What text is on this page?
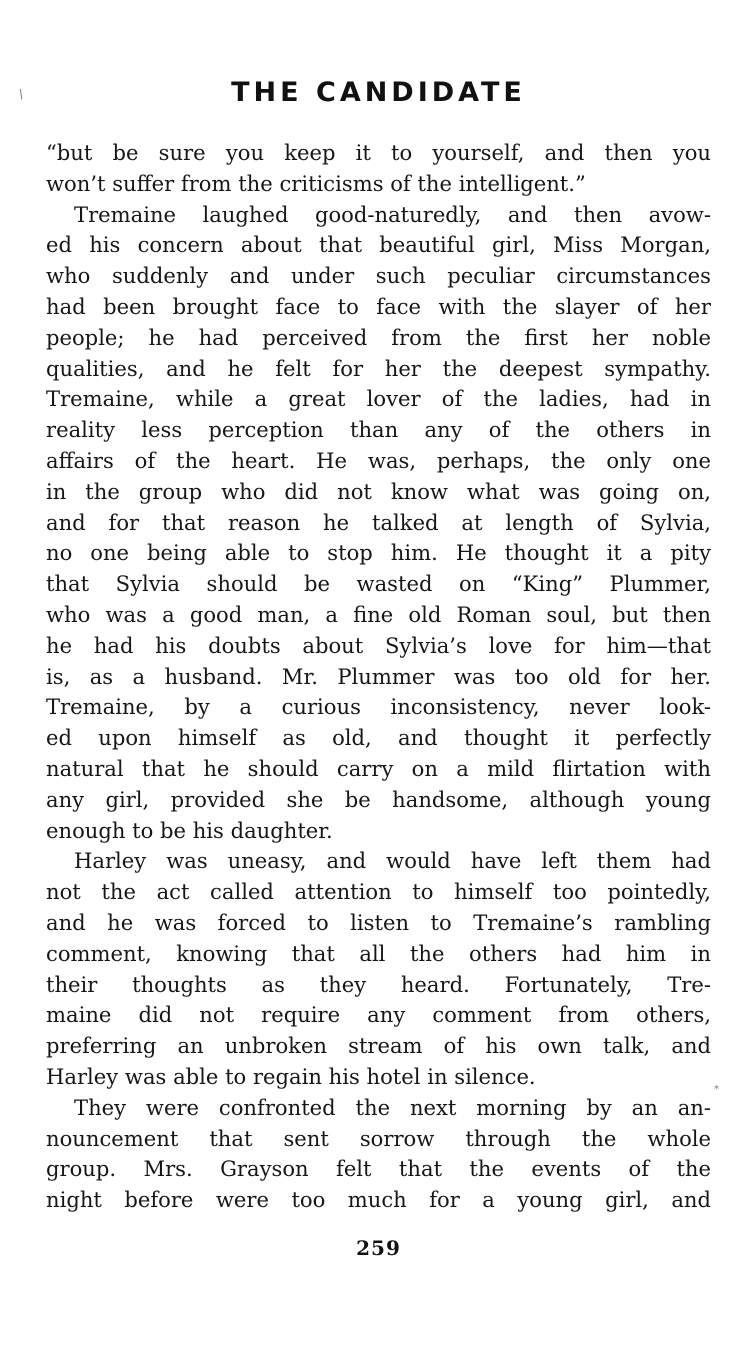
/	THE CANDIDATE
“but be sure you keep it to yourself, and then you
won’t suffer from the criticisms of the intelligent.”
Tremaine laughed good-naturedly, and then avow-
ed his concern about that beautiful girl, Miss Morgan,
who suddenly and under such peculiar circumstances
had been brought face to face with the slayer of her
people; he had perceived from the first her noble
qualities, and he felt for her the deepest sympathy.
Tremaine, while a great lover of the ladies, had in
reality less perception than any of the others in
affairs of the heart. He was, perhaps, the only one
in the group who did not know what was going on,
and for that reason he talked at length of Sylvia,
no one being able to stop him. He thought it a pity
that Sylvia should be wasted on “King” Plummer,
who was a good man, a fine old Roman soul, but then
he had his doubts about Sylvia’s love for him—that
is, as a husband. Mr. Plummer was too old for her.
Tremaine, by a curious inconsistency, never look-
ed upon himself as old, and thought it perfectly
natural that he should carry on a mild flirtation with
any girl, provided she be handsome, although young
enough to be his daughter.
Harley was uneasy, and would have left them had
not the act called attention to himself too pointedly,
and he was forced to listen to Tremaine’s rambling
comment, knowing that all the others had him in
their thoughts as they heard. Fortunately, Tre-
maine did not require any comment from others,
preferring an unbroken stream of his own talk, and
Harley was able to regain his hotel in silence.
They were confronted the next morning by an an-
nouncement that sent sorrow through the whole
group. Mrs. Grayson felt that the events of the
night before were too much for a young girl, and
*
259
